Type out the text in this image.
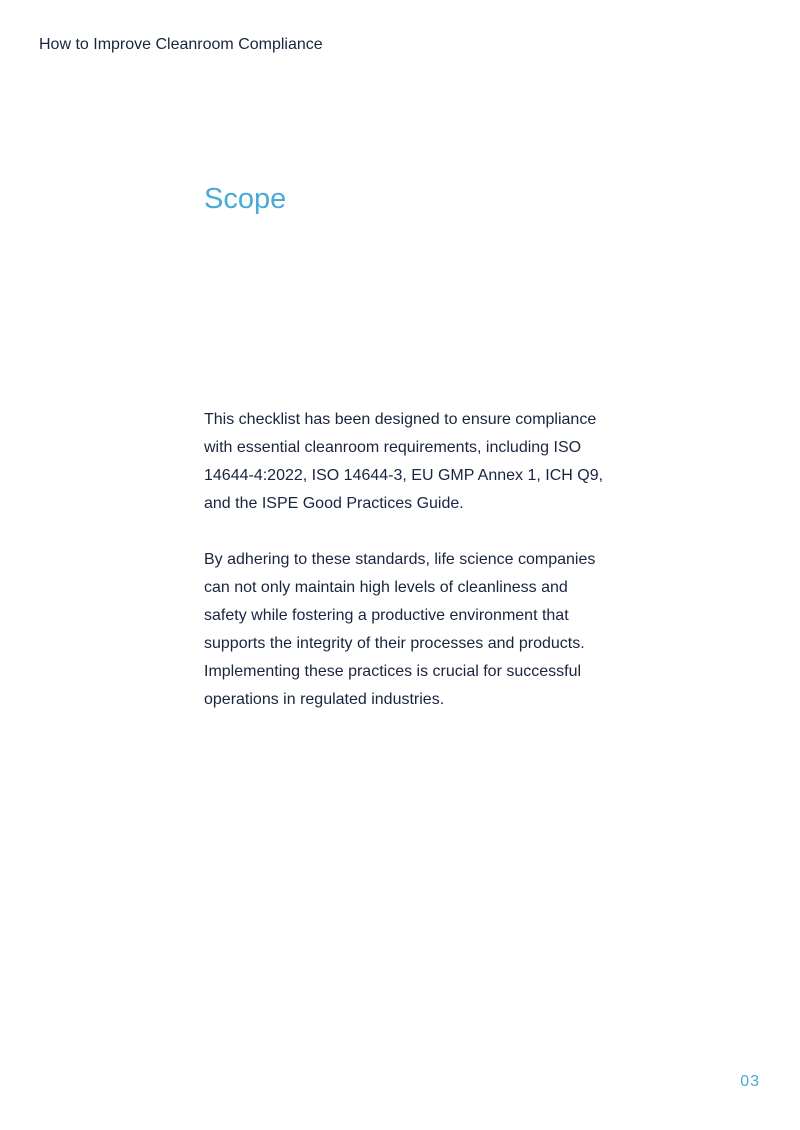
How to Improve Cleanroom Compliance
Scope

This checklist has been designed to ensure compliance with essential cleanroom requirements, including ISO 14644-4:2022, ISO 14644-3, EU GMP Annex 1, ICH Q9, and the ISPE Good Practices Guide.

By adhering to these standards, life science companies can not only maintain high levels of cleanliness and safety while fostering a productive environment that supports the integrity of their processes and products. Implementing these practices is crucial for successful operations in regulated industries.

03
